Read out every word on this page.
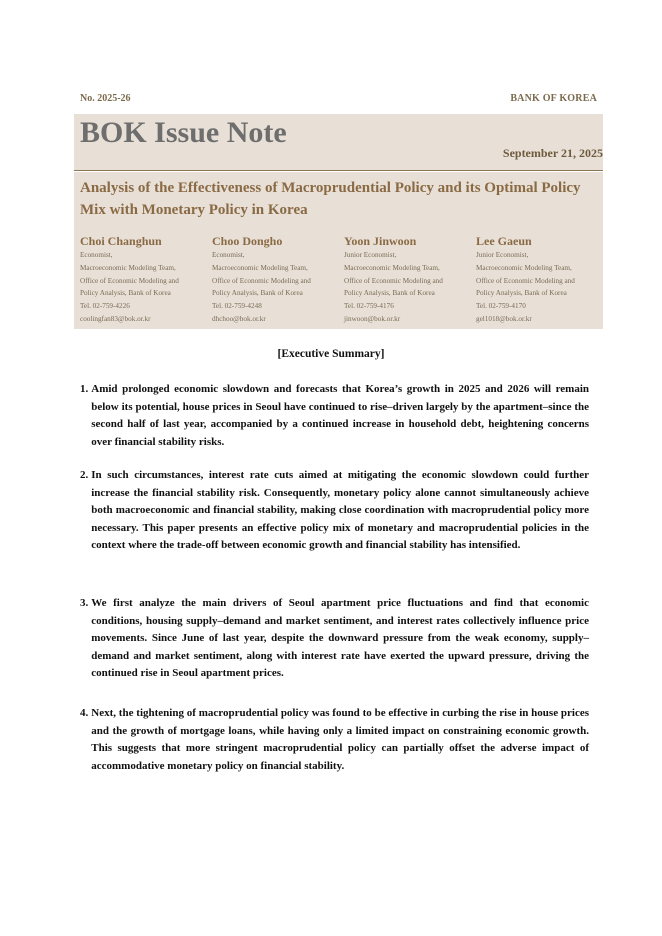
No. 2025-26	BANK OF KOREA
BOK Issue Note
September 21, 2025
Analysis of the Effectiveness of Macroprudential Policy and its Optimal Policy Mix with Monetary Policy in Korea
Choi Changhun
Economist,
Macroeconomic Modeling Team,
Office of Economic Modeling and
Policy Analysis, Bank of Korea
Tel. 02-759-4226
coolingfan83@bok.or.kr
Choo Dongho
Economist,
Macroeconomic Modeling Team,
Office of Economic Modeling and
Policy Analysis, Bank of Korea
Tel. 02-759-4248
dhchoo@bok.or.kr
Yoon Jinwoon
Junior Economist,
Macroeconomic Modeling Team,
Office of Economic Modeling and
Policy Analysis, Bank of Korea
Tel. 02-759-4176
jinwoon@bok.or.kr
Lee Gaeun
Junior Economist,
Macroeconomic Modeling Team,
Office of Economic Modeling and
Policy Analysis, Bank of Korea
Tel. 02-759-4170
gel1018@bok.or.kr
[Executive Summary]
1. Amid prolonged economic slowdown and forecasts that Korea’s growth in 2025 and 2026 will remain below its potential, house prices in Seoul have continued to rise–driven largely by the apartment–since the second half of last year, accompanied by a continued increase in household debt, heightening concerns over financial stability risks.
2. In such circumstances, interest rate cuts aimed at mitigating the economic slowdown could further increase the financial stability risk. Consequently, monetary policy alone cannot simultaneously achieve both macroeconomic and financial stability, making close coordination with macroprudential policy more necessary. This paper presents an effective policy mix of monetary and macroprudential policies in the context where the trade-off between economic growth and financial stability has intensified.
3. We first analyze the main drivers of Seoul apartment price fluctuations and find that economic conditions, housing supply–demand and market sentiment, and interest rates collectively influence price movements. Since June of last year, despite the downward pressure from the weak economy, supply–demand and market sentiment, along with interest rate have exerted the upward pressure, driving the continued rise in Seoul apartment prices.
4. Next, the tightening of macroprudential policy was found to be effective in curbing the rise in house prices and the growth of mortgage loans, while having only a limited impact on constraining economic growth. This suggests that more stringent macroprudential policy can partially offset the adverse impact of accommodative monetary policy on financial stability.
